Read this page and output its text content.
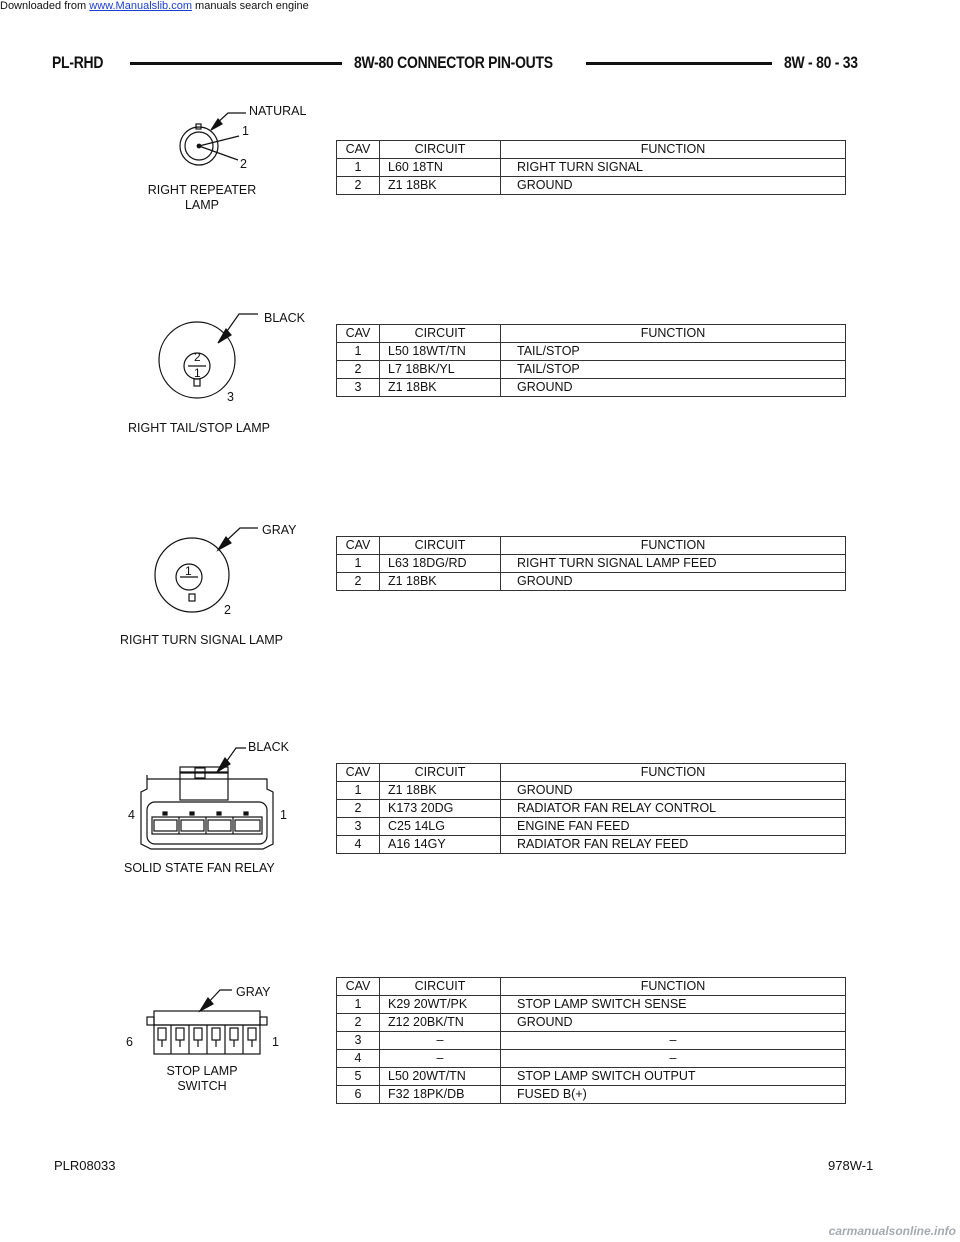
Downloaded from www.Manualslib.com manuals search engine
PL-RHD	8W-80 CONNECTOR PIN-OUTS	8W - 80 - 33
NATURAL
1
2
RIGHT REPEATER
LAMP
BLACK
2
1
3
RIGHT TAIL/STOP LAMP
GRAY
1
2
RIGHT TURN SIGNAL LAMP
BLACK
4	1
SOLID STATE FAN RELAY
GRAY
6	1
STOP LAMP
SWITCH
CAV	CIRCUIT	FUNCTION
1	L60 18TN	RIGHT TURN SIGNAL
2	Z1 18BK	GROUND
CAV	CIRCUIT	FUNCTION
1	L50 18WT/TN	TAIL/STOP
2	L7 18BK/YL	TAIL/STOP
3	Z1 18BK	GROUND
CAV	CIRCUIT	FUNCTION
1	L63 18DG/RD	RIGHT TURN SIGNAL LAMP FEED
2	Z1 18BK	GROUND
CAV	CIRCUIT	FUNCTION
1	Z1 18BK	GROUND
2	K173 20DG	RADIATOR FAN RELAY CONTROL
3	C25 14LG	ENGINE FAN FEED
4	A16 14GY	RADIATOR FAN RELAY FEED
CAV	CIRCUIT	FUNCTION
1	K29 20WT/PK	STOP LAMP SWITCH SENSE
2	Z12 20BK/TN	GROUND
3	–	–
4	–	–
5	L50 20WT/TN	STOP LAMP SWITCH OUTPUT
6	F32 18PK/DB	FUSED B(+)
PLR08033	978W-1
carmanualsonline.info
